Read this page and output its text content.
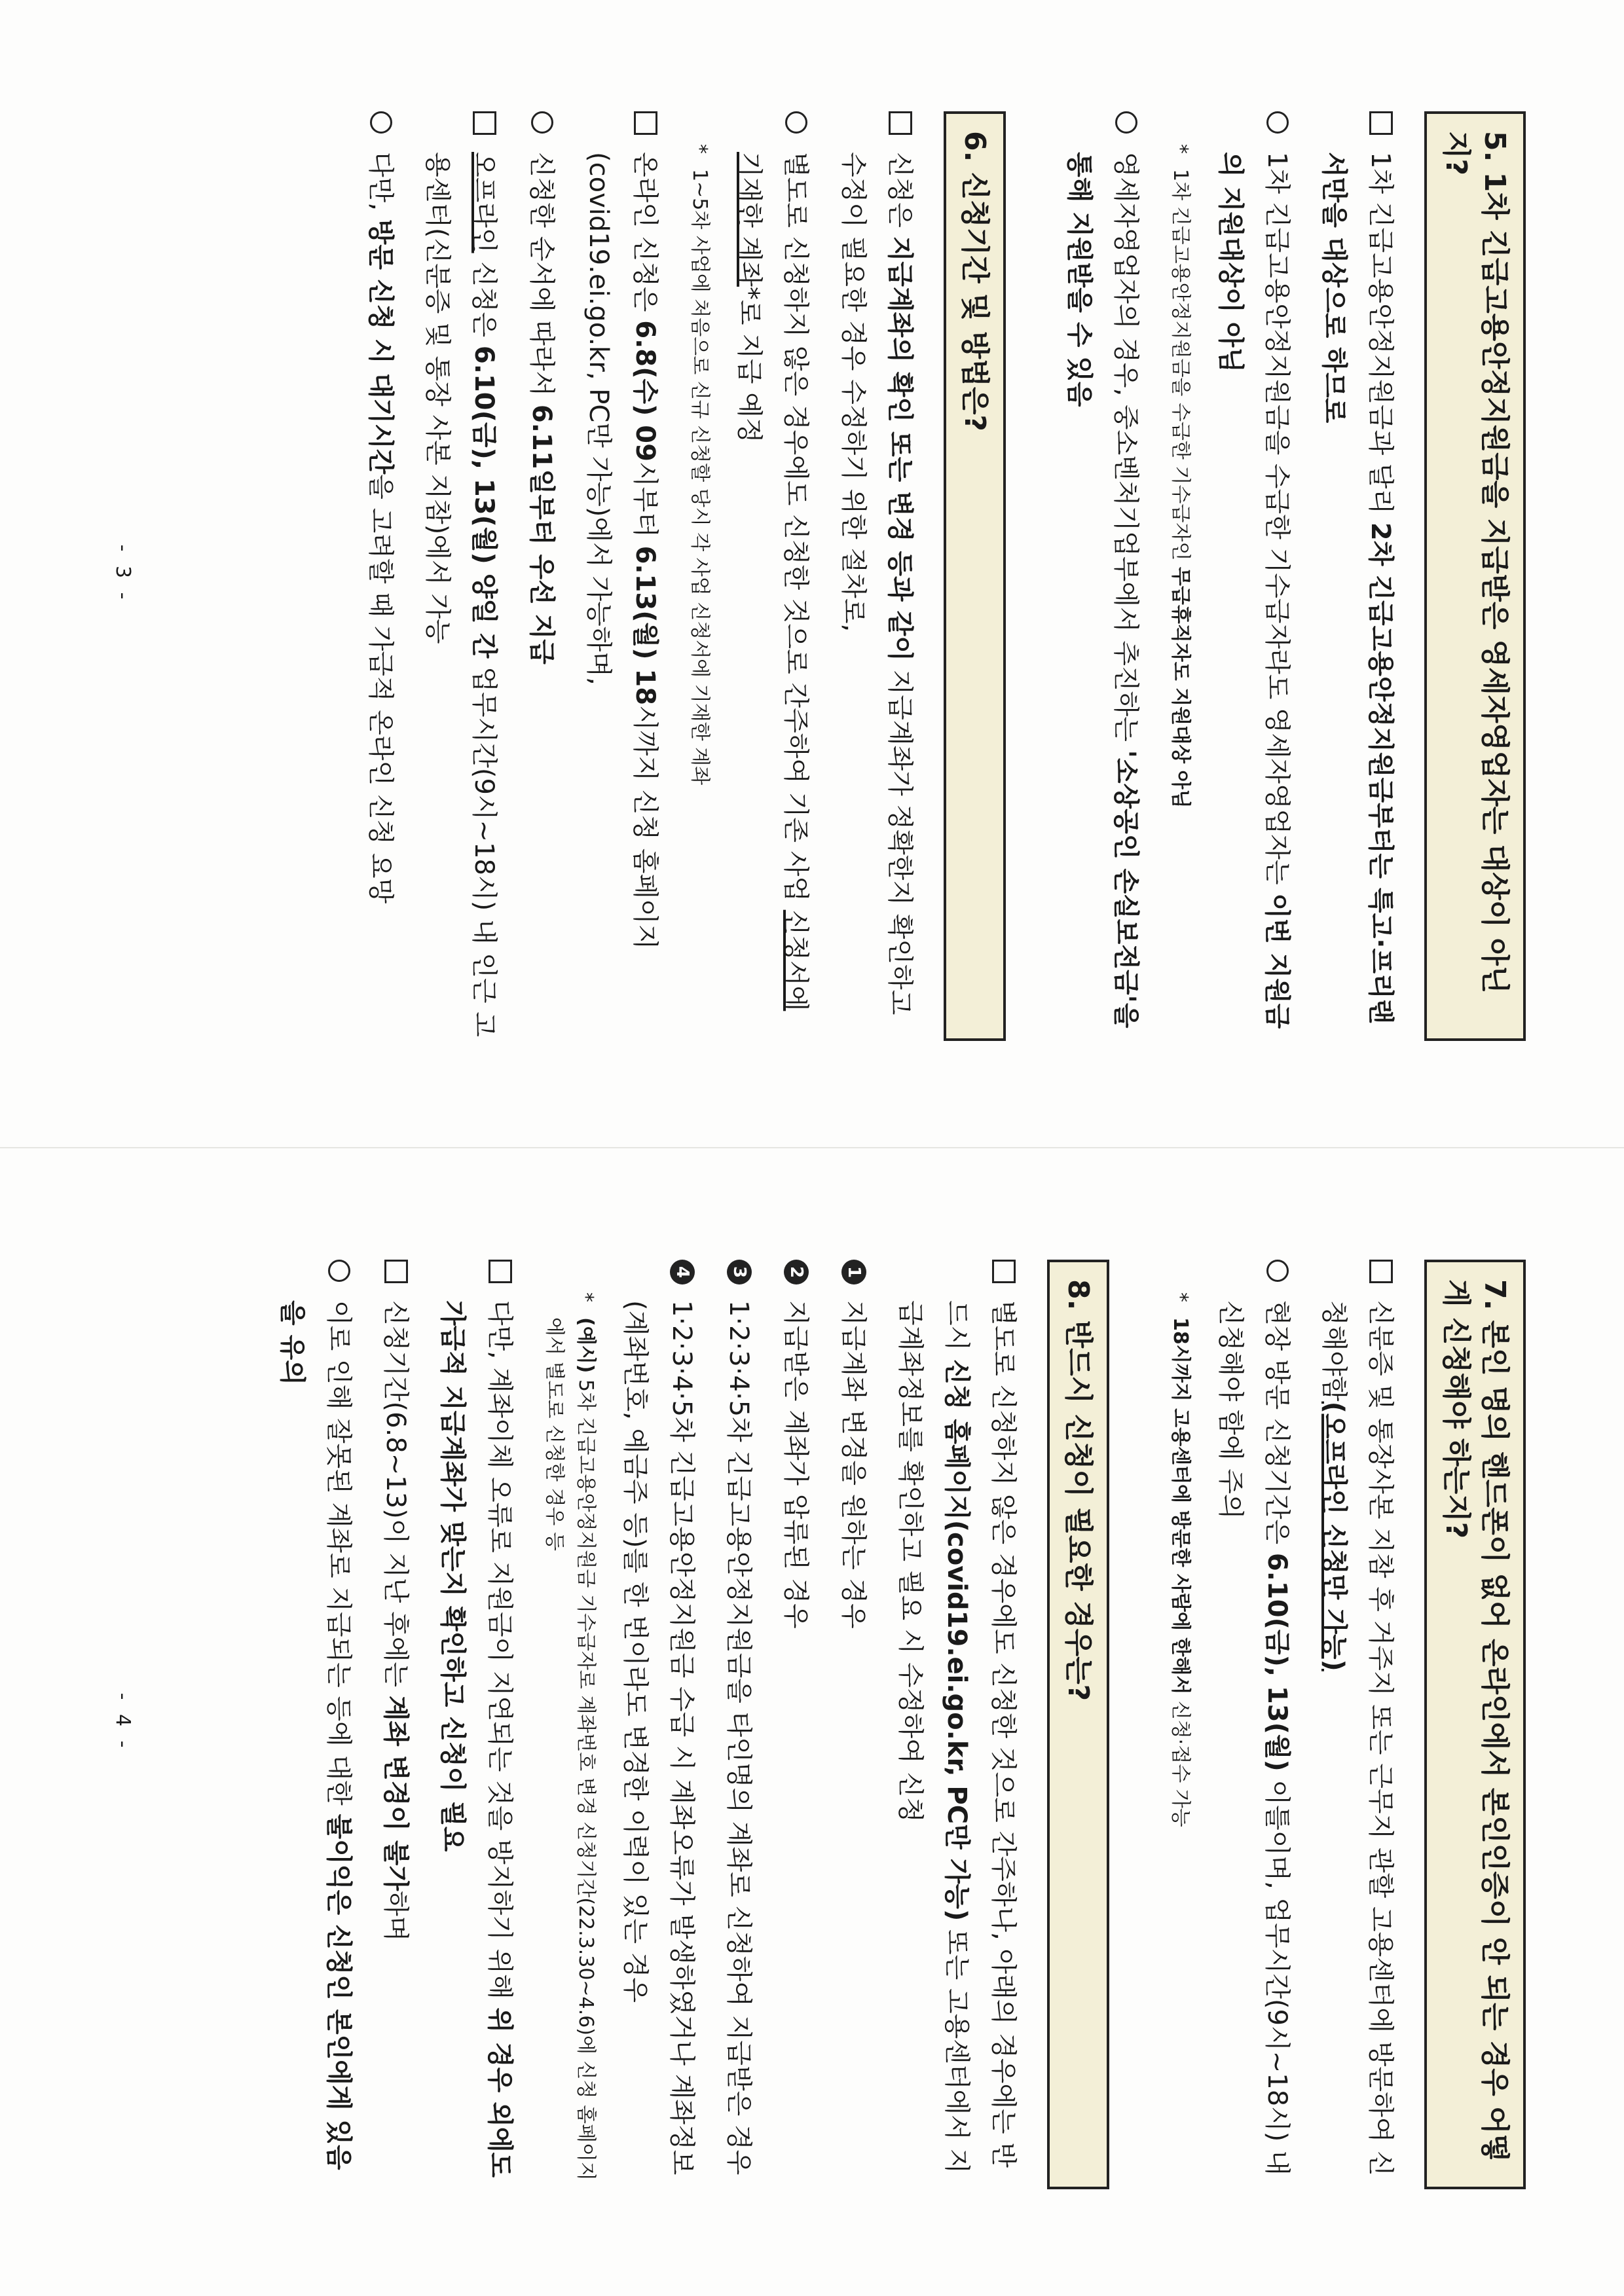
5. 1차 긴급고용안정지원금을 지급받은 영세자영업자는 대상이 아닌지?
1차 긴급고용안정지원금과 달리 2차 긴급고용안정지원금부터는 특고·프리랜서만을 대상으로 하므로
1차 긴급고용안정지원금을 수급한 기수급자라도 영세자영업자는 이번 지원금의 지원대상이 아님
*
1차 긴급고용안정지원금을 수급한 기수급자인 무급휴직자도 지원대상 아님
영세자영업자의 경우, 중소벤처기업부에서 추진하는 '소상공인 손실보전금'을 통해 지원받을 수 있음
6. 신청기간 및 방법은?
신청은 지급계좌의 확인 또는 변경 등과 같이 지급계좌가 정확한지 확인하고 수정이 필요한 경우 수정하기 위한 절차로,
별도로 신청하지 않은 경우에도 신청한 것으로 간주하여 기존 사업 신청서에 기재한 계좌*로 지급 예정
*
1~5차 사업에 처음으로 신규 신청할 당시 각 사업 신청서에 기재한 계좌
온라인 신청은 6.8(수) 09시부터 6.13(월) 18시까지 신청 홈페이지 (covid19.ei.go.kr, PC만 가능)에서 가능하며,
신청한 순서에 따라서 6.11일부터 우선 지급
오프라인 신청은 6.10(금), 13(월) 양일 간 업무시간(9시~18시) 내 인근 고용센터(신분증 및 통장 사본 지참)에서 가능
다만, 방문 신청 시 대기시간을 고려할 때 가급적 온라인 신청 요망
- 3 -
7. 본인 명의 핸드폰이 없어 온라인에서 본인인증이 안 되는 경우 어떻게 신청해야 하는지?
신분증 및 통장사본 지참 후 거주지 또는 근무지 관할 고용센터에 방문하여 신청해야함(오프라인 신청만 가능)
현장 방문 신청기간은 6.10(금), 13(월) 이틀이며, 업무시간(9시~18시) 내 신청해야 함에 주의
*
18시까지 고용센터에 방문한 사람에 한해서 신청·접수 가능
8. 반드시 신청이 필요한 경우는?
별도로 신청하지 않은 경우에도 신청한 것으로 간주하나, 아래의 경우에는 반드시 신청 홈페이지(covid19.ei.go.kr, PC만 가능) 또는 고용센터에서 지급계좌정보를 확인하고 필요 시 수정하여 신청
1
지급계좌 변경을 원하는 경우
2
지급받은 계좌가 압류된 경우
3
1·2·3·4·5차 긴급고용안정지원금을 타인명의 계좌로 신청하여 지급받은 경우
4
1·2·3·4·5차 긴급고용안정지원금 수급 시 계좌오류가 발생하였거나 계좌정보(계좌번호, 예금주 등)를 한 번이라도 변경한 이력이 있는 경우
*
(예시) 5차 긴급고용안정지원금 기수급자로 계좌번호 변경 신청기간(22.3.30~4.6)에 신청 홈페이지에서 별도로 신청한 경우 등
다만, 계좌이체 오류로 지원금이 지연되는 것을 방지하기 위해 위 경우 외에도 가급적 지급계좌가 맞는지 확인하고 신청이 필요
신청기간(6.8~13)이 지난 후에는 계좌 변경이 불가하며
이로 인해 잘못된 계좌로 지급되는 등에 대한 불이익은 신청인 본인에게 있음을 유의
- 4 -
